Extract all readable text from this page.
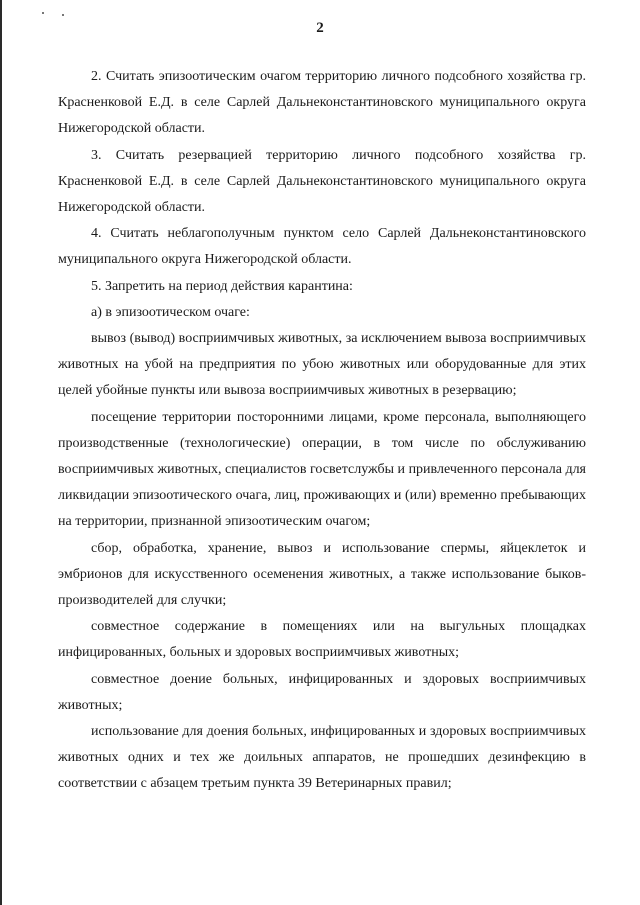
2

2. Считать эпизоотическим очагом территорию личного подсобного хозяйства гр. Красненковой Е.Д. в селе Сарлей Дальнеконстантиновского муниципального округа Нижегородской области.

3. Считать резервацией территорию личного подсобного хозяйства гр. Красненковой Е.Д. в селе Сарлей Дальнеконстантиновского муниципального округа Нижегородской области.

4. Считать неблагополучным пунктом село Сарлей Дальнеконстантиновского муниципального округа Нижегородской области.

5. Запретить на период действия карантина:

а) в эпизоотическом очаге:

вывоз (вывод) восприимчивых животных, за исключением вывоза восприимчивых животных на убой на предприятия по убою животных или оборудованные для этих целей убойные пункты или вывоза восприимчивых животных в резервацию;

посещение территории посторонними лицами, кроме персонала, выполняющего производственные (технологические) операции, в том числе по обслуживанию восприимчивых животных, специалистов госветслужбы и привлеченного персонала для ликвидации эпизоотического очага, лиц, проживающих и (или) временно пребывающих на территории, признанной эпизоотическим очагом;

сбор, обработка, хранение, вывоз и использование спермы, яйцеклеток и эмбрионов для искусственного осеменения животных, а также использование быков-производителей для случки;

совместное содержание в помещениях или на выгульных площадках инфицированных, больных и здоровых восприимчивых животных;

совместное доение больных, инфицированных и здоровых восприимчивых животных;

использование для доения больных, инфицированных и здоровых восприимчивых животных одних и тех же доильных аппаратов, не прошедших дезинфекцию в соответствии с абзацем третьим пункта 39 Ветеринарных правил;
